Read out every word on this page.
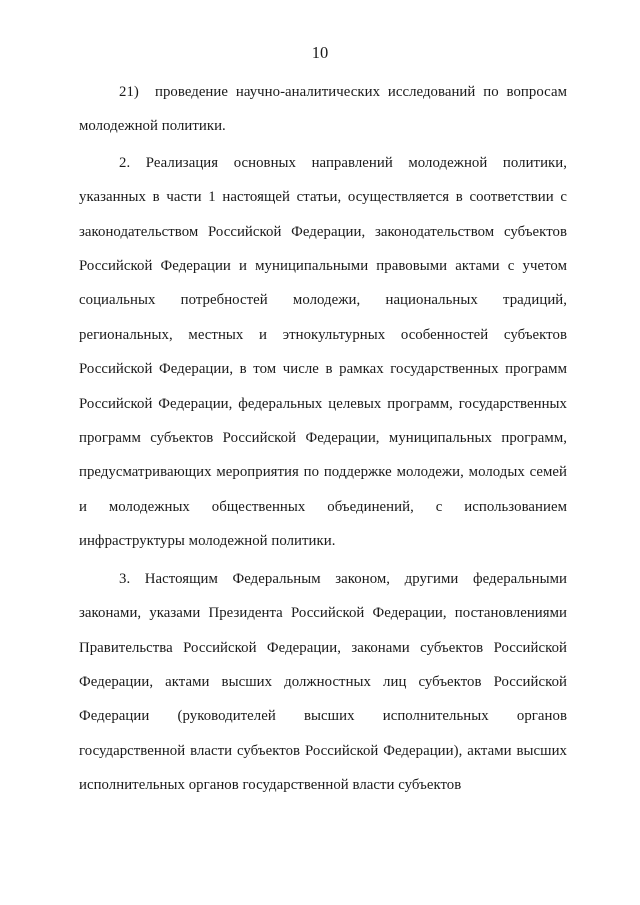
10

21) проведение научно-аналитических исследований по вопросам молодежной политики.

2. Реализация основных направлений молодежной политики, указанных в части 1 настоящей статьи, осуществляется в соответствии с законодательством Российской Федерации, законодательством субъектов Российской Федерации и муниципальными правовыми актами с учетом социальных потребностей молодежи, национальных традиций, региональных, местных и этнокультурных особенностей субъектов Российской Федерации, в том числе в рамках государственных программ Российской Федерации, федеральных целевых программ, государственных программ субъектов Российской Федерации, муниципальных программ, предусматривающих мероприятия по поддержке молодежи, молодых семей и молодежных общественных объединений, с использованием инфраструктуры молодежной политики.

3. Настоящим Федеральным законом, другими федеральными законами, указами Президента Российской Федерации, постановлениями Правительства Российской Федерации, законами субъектов Российской Федерации, актами высших должностных лиц субъектов Российской Федерации (руководителей высших исполнительных органов государственной власти субъектов Российской Федерации), актами высших исполнительных органов государственной власти субъектов
